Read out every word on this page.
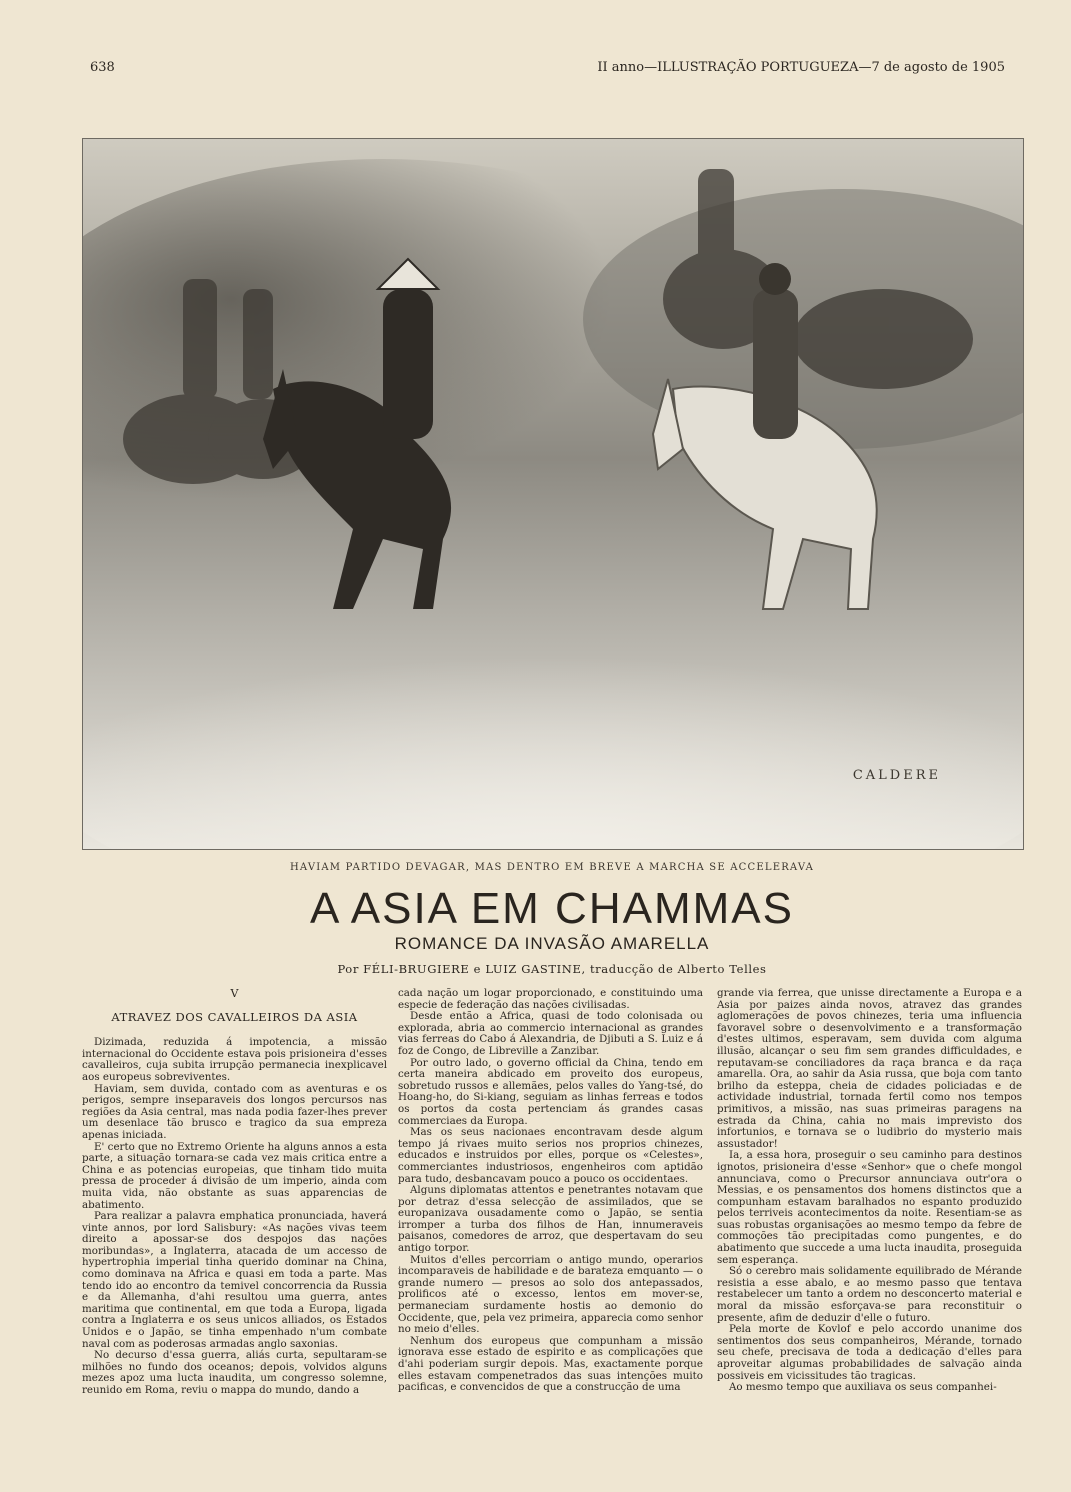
638	II anno—ILLUSTRAÇÃO PORTUGUEZA—7 de agosto de 1905
CALDERE
HAVIAM PARTIDO DEVAGAR, MAS DENTRO EM BREVE A MARCHA SE ACCELERAVA
A ASIA EM CHAMMAS
ROMANCE DA INVASÃO AMARELLA
Por FÉLI-BRUGIERE e LUIZ GASTINE, traducção de Alberto Telles

V

ATRAVEZ DOS CAVALLEIROS DA ASIA

Dizimada, reduzida á impotencia, a missão internacional do Occidente estava pois prisioneira d'esses cavalleiros, cuja subita irrupção permanecia inexplicavel aos europeus sobreviventes.

Haviam, sem duvida, contado com as aventuras e os perigos, sempre inseparaveis dos longos percursos nas regiões da Asia central, mas nada podia fazer-lhes prever um desenlace tão brusco e tragico da sua empreza apenas iniciada.

E' certo que no Extremo Oriente ha alguns annos a esta parte, a situação tornara-se cada vez mais critica entre a China e as potencias europeias, que tinham tido muita pressa de proceder á divisão de um imperio, ainda com muita vida, não obstante as suas apparencias de abatimento.

Para realizar a palavra emphatica pronunciada, haverá vinte annos, por lord Salisbury: «As nações vivas teem direito a apossar-se dos despojos das nações moribundas», a Inglaterra, atacada de um accesso de hypertrophia imperial tinha querido dominar na China, como dominava na Africa e quasi em toda a parte. Mas tendo ido ao encontro da temivel concorrencia da Russia e da Allemanha, d'ahi resultou uma guerra, antes maritima que continental, em que toda a Europa, ligada contra a Inglaterra e os seus unicos alliados, os Estados Unidos e o Japão, se tinha empenhado n'um combate naval com as poderosas armadas anglo saxonias.

No decurso d'essa guerra, aliás curta, sepultaram-se milhões no fundo dos oceanos; depois, volvidos alguns mezes apoz uma lucta inaudita, um congresso solemne, reunido em Roma, reviu o mappa do mundo, dando a

cada nação um logar proporcionado, e constituindo uma especie de federação das nações civilisadas.

Desde então a Africa, quasi de todo colonisada ou explorada, abria ao commercio internacional as grandes vias ferreas do Cabo á Alexandria, de Djibuti a S. Luiz e á foz de Congo, de Libreville a Zanzibar.

Por outro lado, o governo official da China, tendo em certa maneira abdicado em proveito dos europeus, sobretudo russos e allemães, pelos valles do Yang-tsé, do Hoang-ho, do Si-kiang, seguiam as linhas ferreas e todos os portos da costa pertenciam ás grandes casas commerciaes da Europa.

Mas os seus nacionaes encontravam desde algum tempo já rivaes muito serios nos proprios chinezes, educados e instruidos por elles, porque os «Celestes», commerciantes industriosos, engenheiros com aptidão para tudo, desbancavam pouco a pouco os occidentaes.

Alguns diplomatas attentos e penetrantes notavam que por detraz d'essa selecção de assimilados, que se europanizava ousadamente como o Japão, se sentia irromper a turba dos filhos de Han, innumeraveis paisanos, comedores de arroz, que despertavam do seu antigo torpor.

Muitos d'elles percorriam o antigo mundo, operarios incomparaveis de habilidade e de barateza emquanto — o grande numero — presos ao solo dos antepassados, prolificos até o excesso, lentos em mover-se, permaneciam surdamente hostis ao demonio do Occidente, que, pela vez primeira, apparecia como senhor no meio d'elles.

Nenhum dos europeus que compunham a missão ignorava esse estado de espirito e as complicações que d'ahi poderiam surgir depois. Mas, exactamente porque elles estavam compenetrados das suas intenções muito pacificas, e convencidos de que a construcção de uma

grande via ferrea, que unisse directamente a Europa e a Asia por paizes ainda novos, atravez das grandes aglomerações de povos chinezes, teria uma influencia favoravel sobre o desenvolvimento e a transformação d'estes ultimos, esperavam, sem duvida com alguma illusão, alcançar o seu fim sem grandes difficuldades, e reputavam-se conciliadores da raça branca e da raça amarella. Ora, ao sahir da Asia russa, que boja com tanto brilho da esteppa, cheia de cidades policiadas e de actividade industrial, tornada fertil como nos tempos primitivos, a missão, nas suas primeiras paragens na estrada da China, cahia no mais imprevisto dos infortunios, e tornava se o ludibrio do mysterio mais assustador!

Ia, a essa hora, proseguir o seu caminho para destinos ignotos, prisioneira d'esse «Senhor» que o chefe mongol annunciava, como o Precursor annunciava outr'ora o Messias, e os pensamentos dos homens distinctos que a compunham estavam baralhados no espanto produzido pelos terriveis acontecimentos da noite. Resentiam-se as suas robustas organisações ao mesmo tempo da febre de commoções tão precipitadas como pungentes, e do abatimento que succede a uma lucta inaudita, proseguida sem esperança.

Só o cerebro mais solidamente equilibrado de Mérande resistia a esse abalo, e ao mesmo passo que tentava restabelecer um tanto a ordem no desconcerto material e moral da missão esforçava-se para reconstituir o presente, afim de deduzir d'elle o futuro.

Pela morte de Kovlof e pelo accordo unanime dos sentimentos dos seus companheiros, Mérande, tornado seu chefe, precisava de toda a dedicação d'elles para aproveitar algumas probabilidades de salvação ainda possiveis em vicissitudes tão tragicas.

Ao mesmo tempo que auxiliava os seus companhei-
